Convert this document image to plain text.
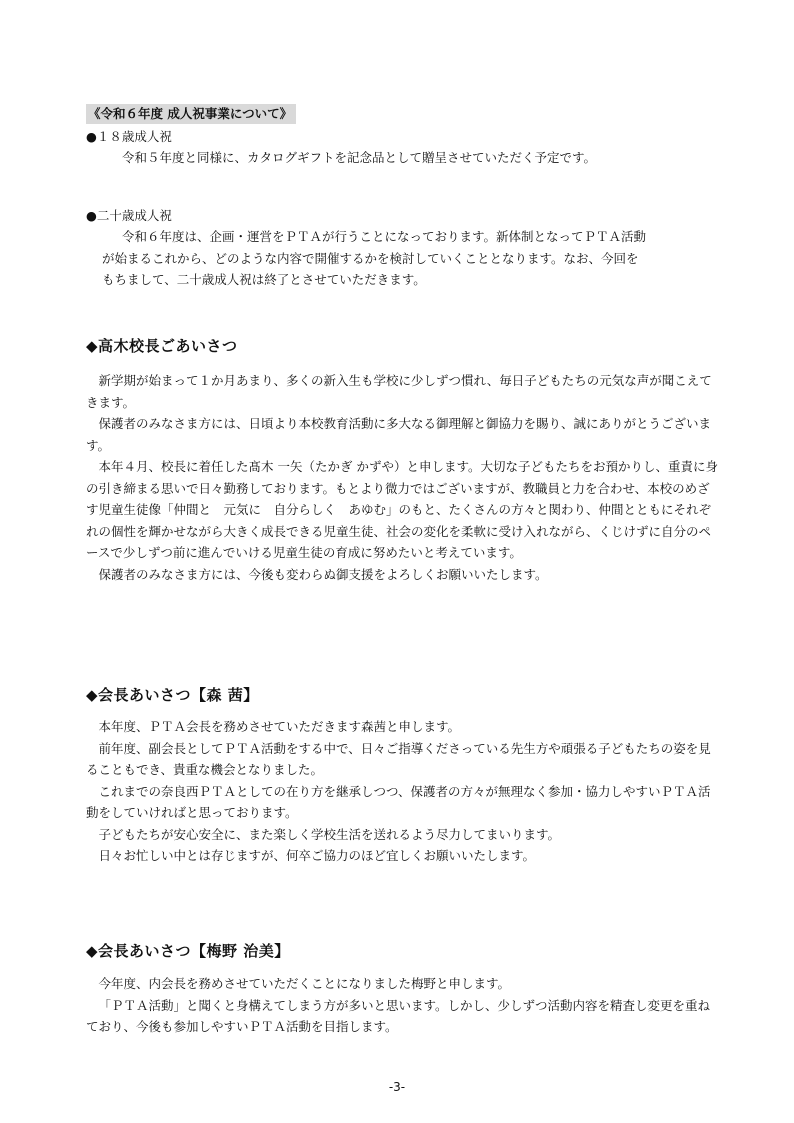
《令和６年度 成人祝事業について》

●１８歳成人祝

令和５年度と同様に、カタログギフトを記念品として贈呈させていただく予定です。

●二十歳成人祝

令和６年度は、企画・運営をＰＴＡが行うことになっております。新体制となってＰＴＡ活動

が始まるこれから、どのような内容で開催するかを検討していくこととなります。なお、今回を

もちまして、二十歳成人祝は終了とさせていただきます。

◆高木校長ごあいさつ

新学期が始まって１か月あまり、多くの新入生も学校に少しずつ慣れ、毎日子どもたちの元気な声が聞こえてきます。

保護者のみなさま方には、日頃より本校教育活動に多大なる御理解と御協力を賜り、誠にありがとうございます。

本年４月、校長に着任した髙木 一矢（たかぎ かずや）と申します。大切な子どもたちをお預かりし、重責に身の引き締まる思いで日々勤務しております。もとより微力ではございますが、教職員と力を合わせ、本校のめざす児童生徒像「仲間と　元気に　自分らしく　あゆむ」のもと、たくさんの方々と関わり、仲間とともにそれぞれの個性を輝かせながら大きく成長できる児童生徒、社会の変化を柔軟に受け入れながら、くじけずに自分のペースで少しずつ前に進んでいける児童生徒の育成に努めたいと考えています。

保護者のみなさま方には、今後も変わらぬ御支援をよろしくお願いいたします。

◆会長あいさつ【森 茜】

本年度、ＰＴＡ会長を務めさせていただきます森茜と申します。

前年度、副会長としてＰＴＡ活動をする中で、日々ご指導くださっている先生方や頑張る子どもたちの姿を見ることもでき、貴重な機会となりました。

これまでの奈良西ＰＴＡとしての在り方を継承しつつ、保護者の方々が無理なく参加・協力しやすいＰＴＡ活動をしていければと思っております。

子どもたちが安心安全に、また楽しく学校生活を送れるよう尽力してまいります。

日々お忙しい中とは存じますが、何卒ご協力のほど宜しくお願いいたします。

◆会長あいさつ【梅野 治美】

今年度、内会長を務めさせていただくことになりました梅野と申します。

「ＰＴＡ活動」と聞くと身構えてしまう方が多いと思います。しかし、少しずつ活動内容を精査し変更を重ねており、今後も参加しやすいＰＴＡ活動を目指します。

-3-
